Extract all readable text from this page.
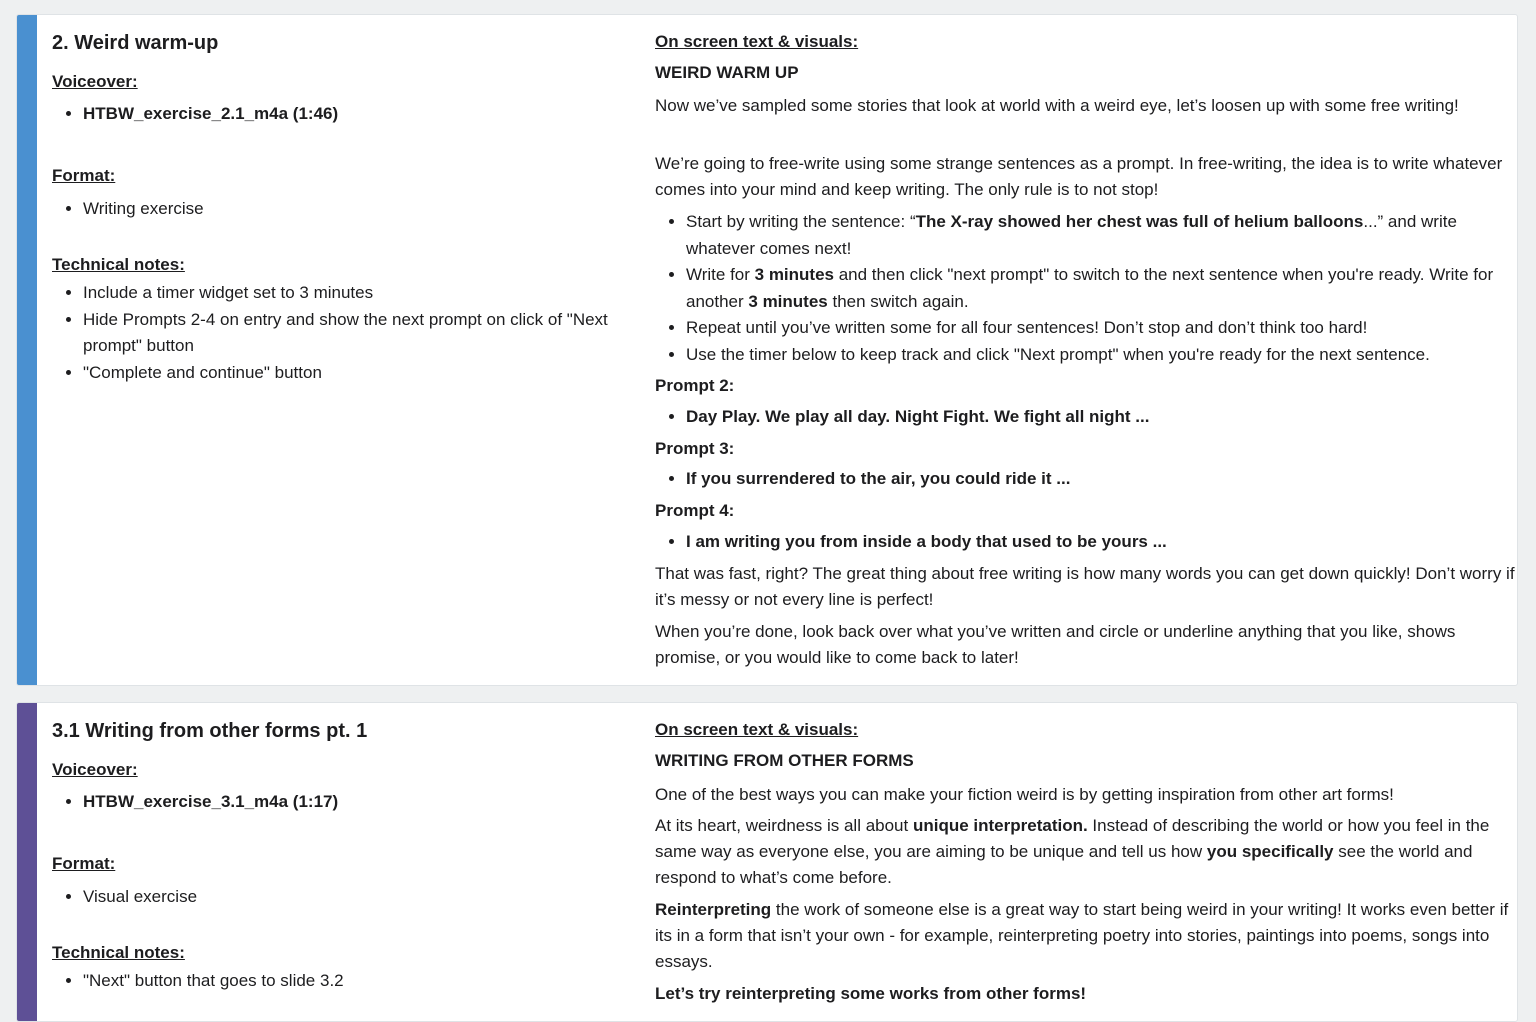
2. Weird warm-up
Voiceover:
• HTBW_exercise_2.1_m4a (1:46)
Format:
• Writing exercise
Technical notes:
• Include a timer widget set to 3 minutes
• Hide Prompts 2-4 on entry and show the next prompt on click of "Next prompt" button
• "Complete and continue" button
On screen text & visuals:

WEIRD WARM UP

Now we’ve sampled some stories that look at world with a weird eye, let’s loosen up with some free writing!

We’re going to free-write using some strange sentences as a prompt. In free-writing, the idea is to write whatever comes into your mind and keep writing. The only rule is to not stop!

• Start by writing the sentence: “The X-ray showed her chest was full of helium balloons...” and write whatever comes next!
• Write for 3 minutes and then click "next prompt" to switch to the next sentence when you're ready. Write for another 3 minutes then switch again.
• Repeat until you’ve written some for all four sentences! Don’t stop and don’t think too hard!
• Use the timer below to keep track and click "Next prompt" when you're ready for the next sentence.

Prompt 2:

• Day Play. We play all day. Night Fight. We fight all night ...

Prompt 3:

• If you surrendered to the air, you could ride it ...

Prompt 4:

• I am writing you from inside a body that used to be yours ...

That was fast, right? The great thing about free writing is how many words you can get down quickly! Don’t worry if it’s messy or not every line is perfect!

When you’re done, look back over what you’ve written and circle or underline anything that you like, shows promise, or you would like to come back to later!

3.1 Writing from other forms pt. 1
Voiceover:
• HTBW_exercise_3.1_m4a (1:17)
Format:
• Visual exercise
Technical notes:
• "Next" button that goes to slide 3.2
On screen text & visuals:

WRITING FROM OTHER FORMS

One of the best ways you can make your fiction weird is by getting inspiration from other art forms!

At its heart, weirdness is all about unique interpretation. Instead of describing the world or how you feel in the same way as everyone else, you are aiming to be unique and tell us how you specifically see the world and respond to what’s come before.

Reinterpreting the work of someone else is a great way to start being weird in your writing! It works even better if its in a form that isn’t your own - for example, reinterpreting poetry into stories, paintings into poems, songs into essays.

Let’s try reinterpreting some works from other forms!
